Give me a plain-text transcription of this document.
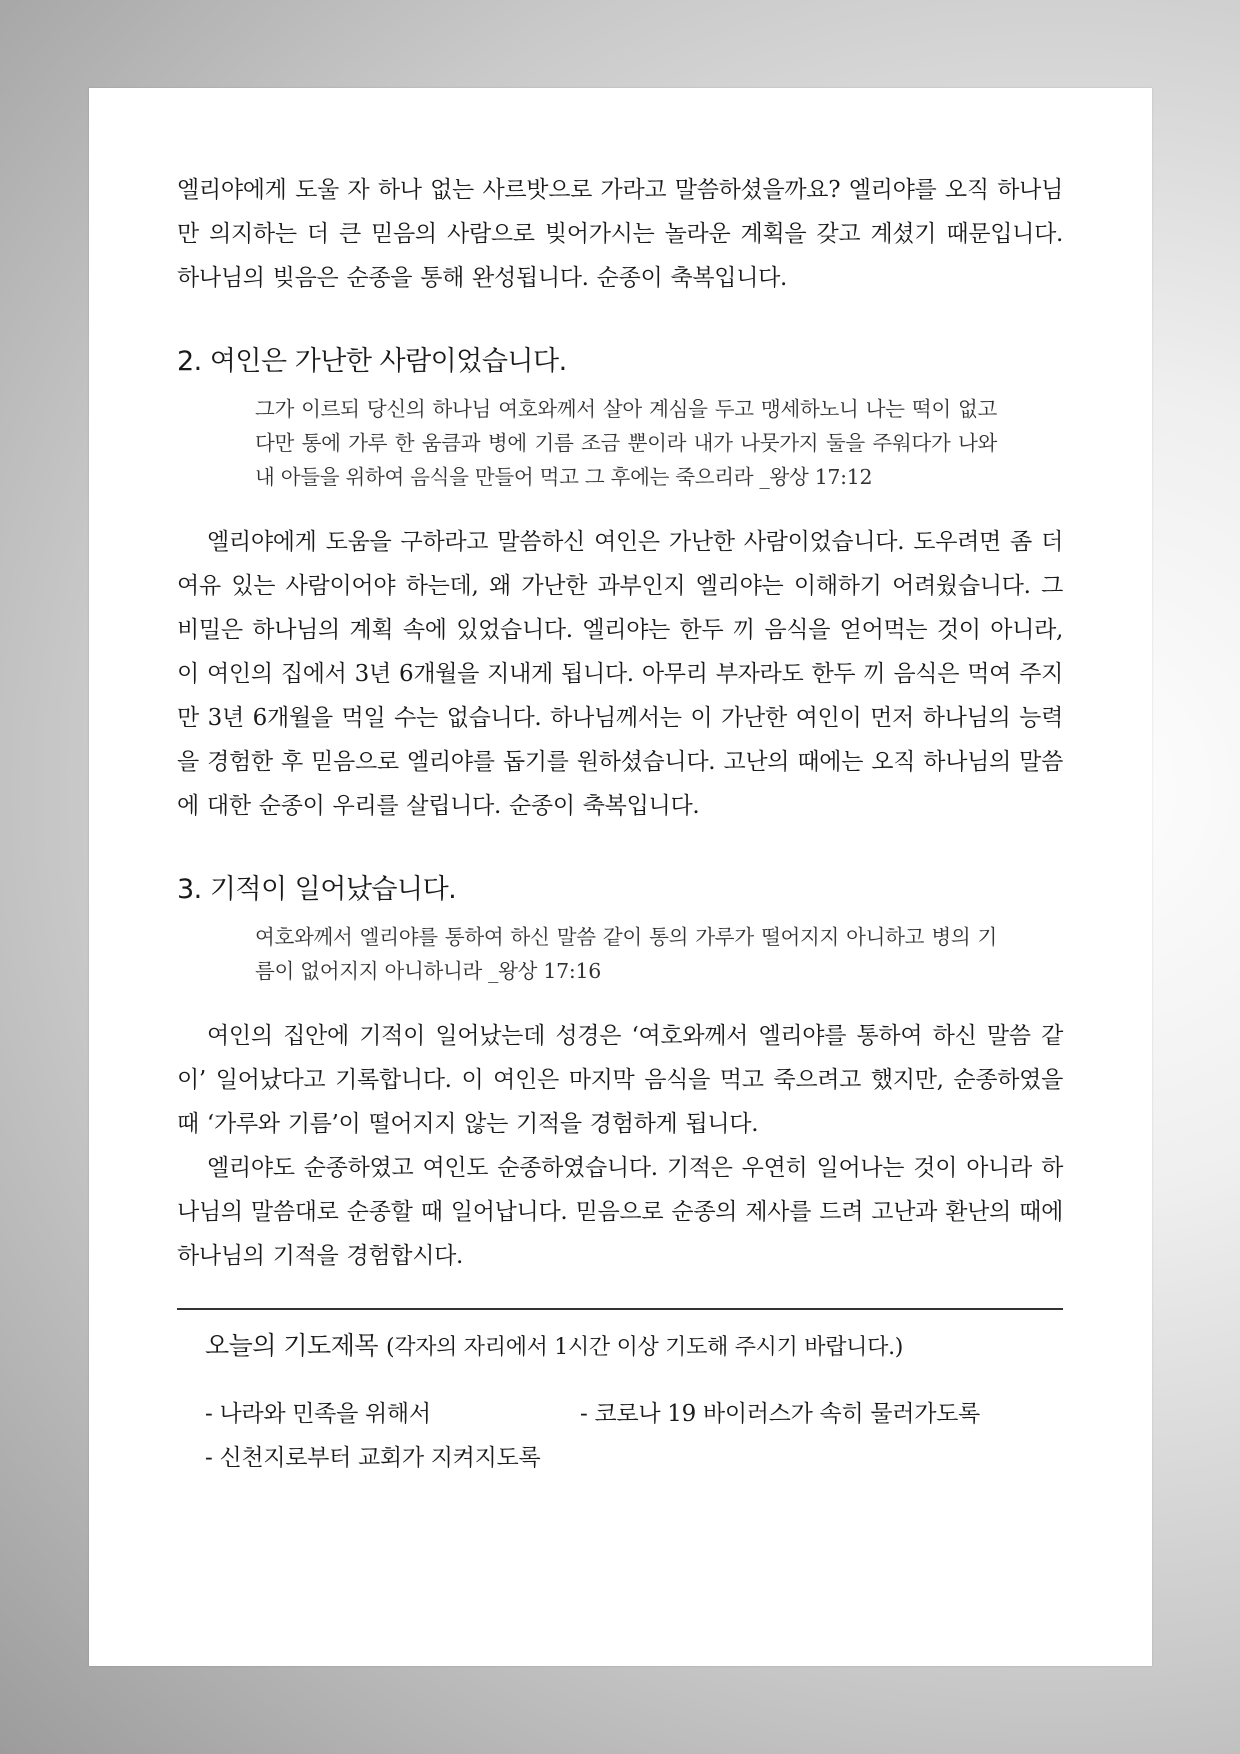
엘리야에게 도울 자 하나 없는 사르밧으로 가라고 말씀하셨을까요? 엘리야를 오직 하나님만 의지하는 더 큰 믿음의 사람으로 빚어가시는 놀라운 계획을 갖고 계셨기 때문입니다. 하나님의 빚음은 순종을 통해 완성됩니다. 순종이 축복입니다.

2. 여인은 가난한 사람이었습니다.

그가 이르되 당신의 하나님 여호와께서 살아 계심을 두고 맹세하노니 나는 떡이 없고 다만 통에 가루 한 움큼과 병에 기름 조금 뿐이라 내가 나뭇가지 둘을 주워다가 나와 내 아들을 위하여 음식을 만들어 먹고 그 후에는 죽으리라 _왕상 17:12

엘리야에게 도움을 구하라고 말씀하신 여인은 가난한 사람이었습니다. 도우려면 좀 더 여유 있는 사람이어야 하는데, 왜 가난한 과부인지 엘리야는 이해하기 어려웠습니다. 그 비밀은 하나님의 계획 속에 있었습니다. 엘리야는 한두 끼 음식을 얻어먹는 것이 아니라, 이 여인의 집에서 3년 6개월을 지내게 됩니다. 아무리 부자라도 한두 끼 음식은 먹여 주지만 3년 6개월을 먹일 수는 없습니다. 하나님께서는 이 가난한 여인이 먼저 하나님의 능력을 경험한 후 믿음으로 엘리야를 돕기를 원하셨습니다. 고난의 때에는 오직 하나님의 말씀에 대한 순종이 우리를 살립니다. 순종이 축복입니다.

3. 기적이 일어났습니다.

여호와께서 엘리야를 통하여 하신 말씀 같이 통의 가루가 떨어지지 아니하고 병의 기름이 없어지지 아니하니라 _왕상 17:16

여인의 집안에 기적이 일어났는데 성경은 ‘여호와께서 엘리야를 통하여 하신 말씀 같이’ 일어났다고 기록합니다. 이 여인은 마지막 음식을 먹고 죽으려고 했지만, 순종하였을 때 ‘가루와 기름’이 떨어지지 않는 기적을 경험하게 됩니다.

엘리야도 순종하였고 여인도 순종하였습니다. 기적은 우연히 일어나는 것이 아니라 하나님의 말씀대로 순종할 때 일어납니다. 믿음으로 순종의 제사를 드려 고난과 환난의 때에 하나님의 기적을 경험합시다.

오늘의 기도제목 (각자의 자리에서 1시간 이상 기도해 주시기 바랍니다.)

- 나라와 민족을 위해서	- 코로나 19 바이러스가 속히 물러가도록
- 신천지로부터 교회가 지켜지도록
